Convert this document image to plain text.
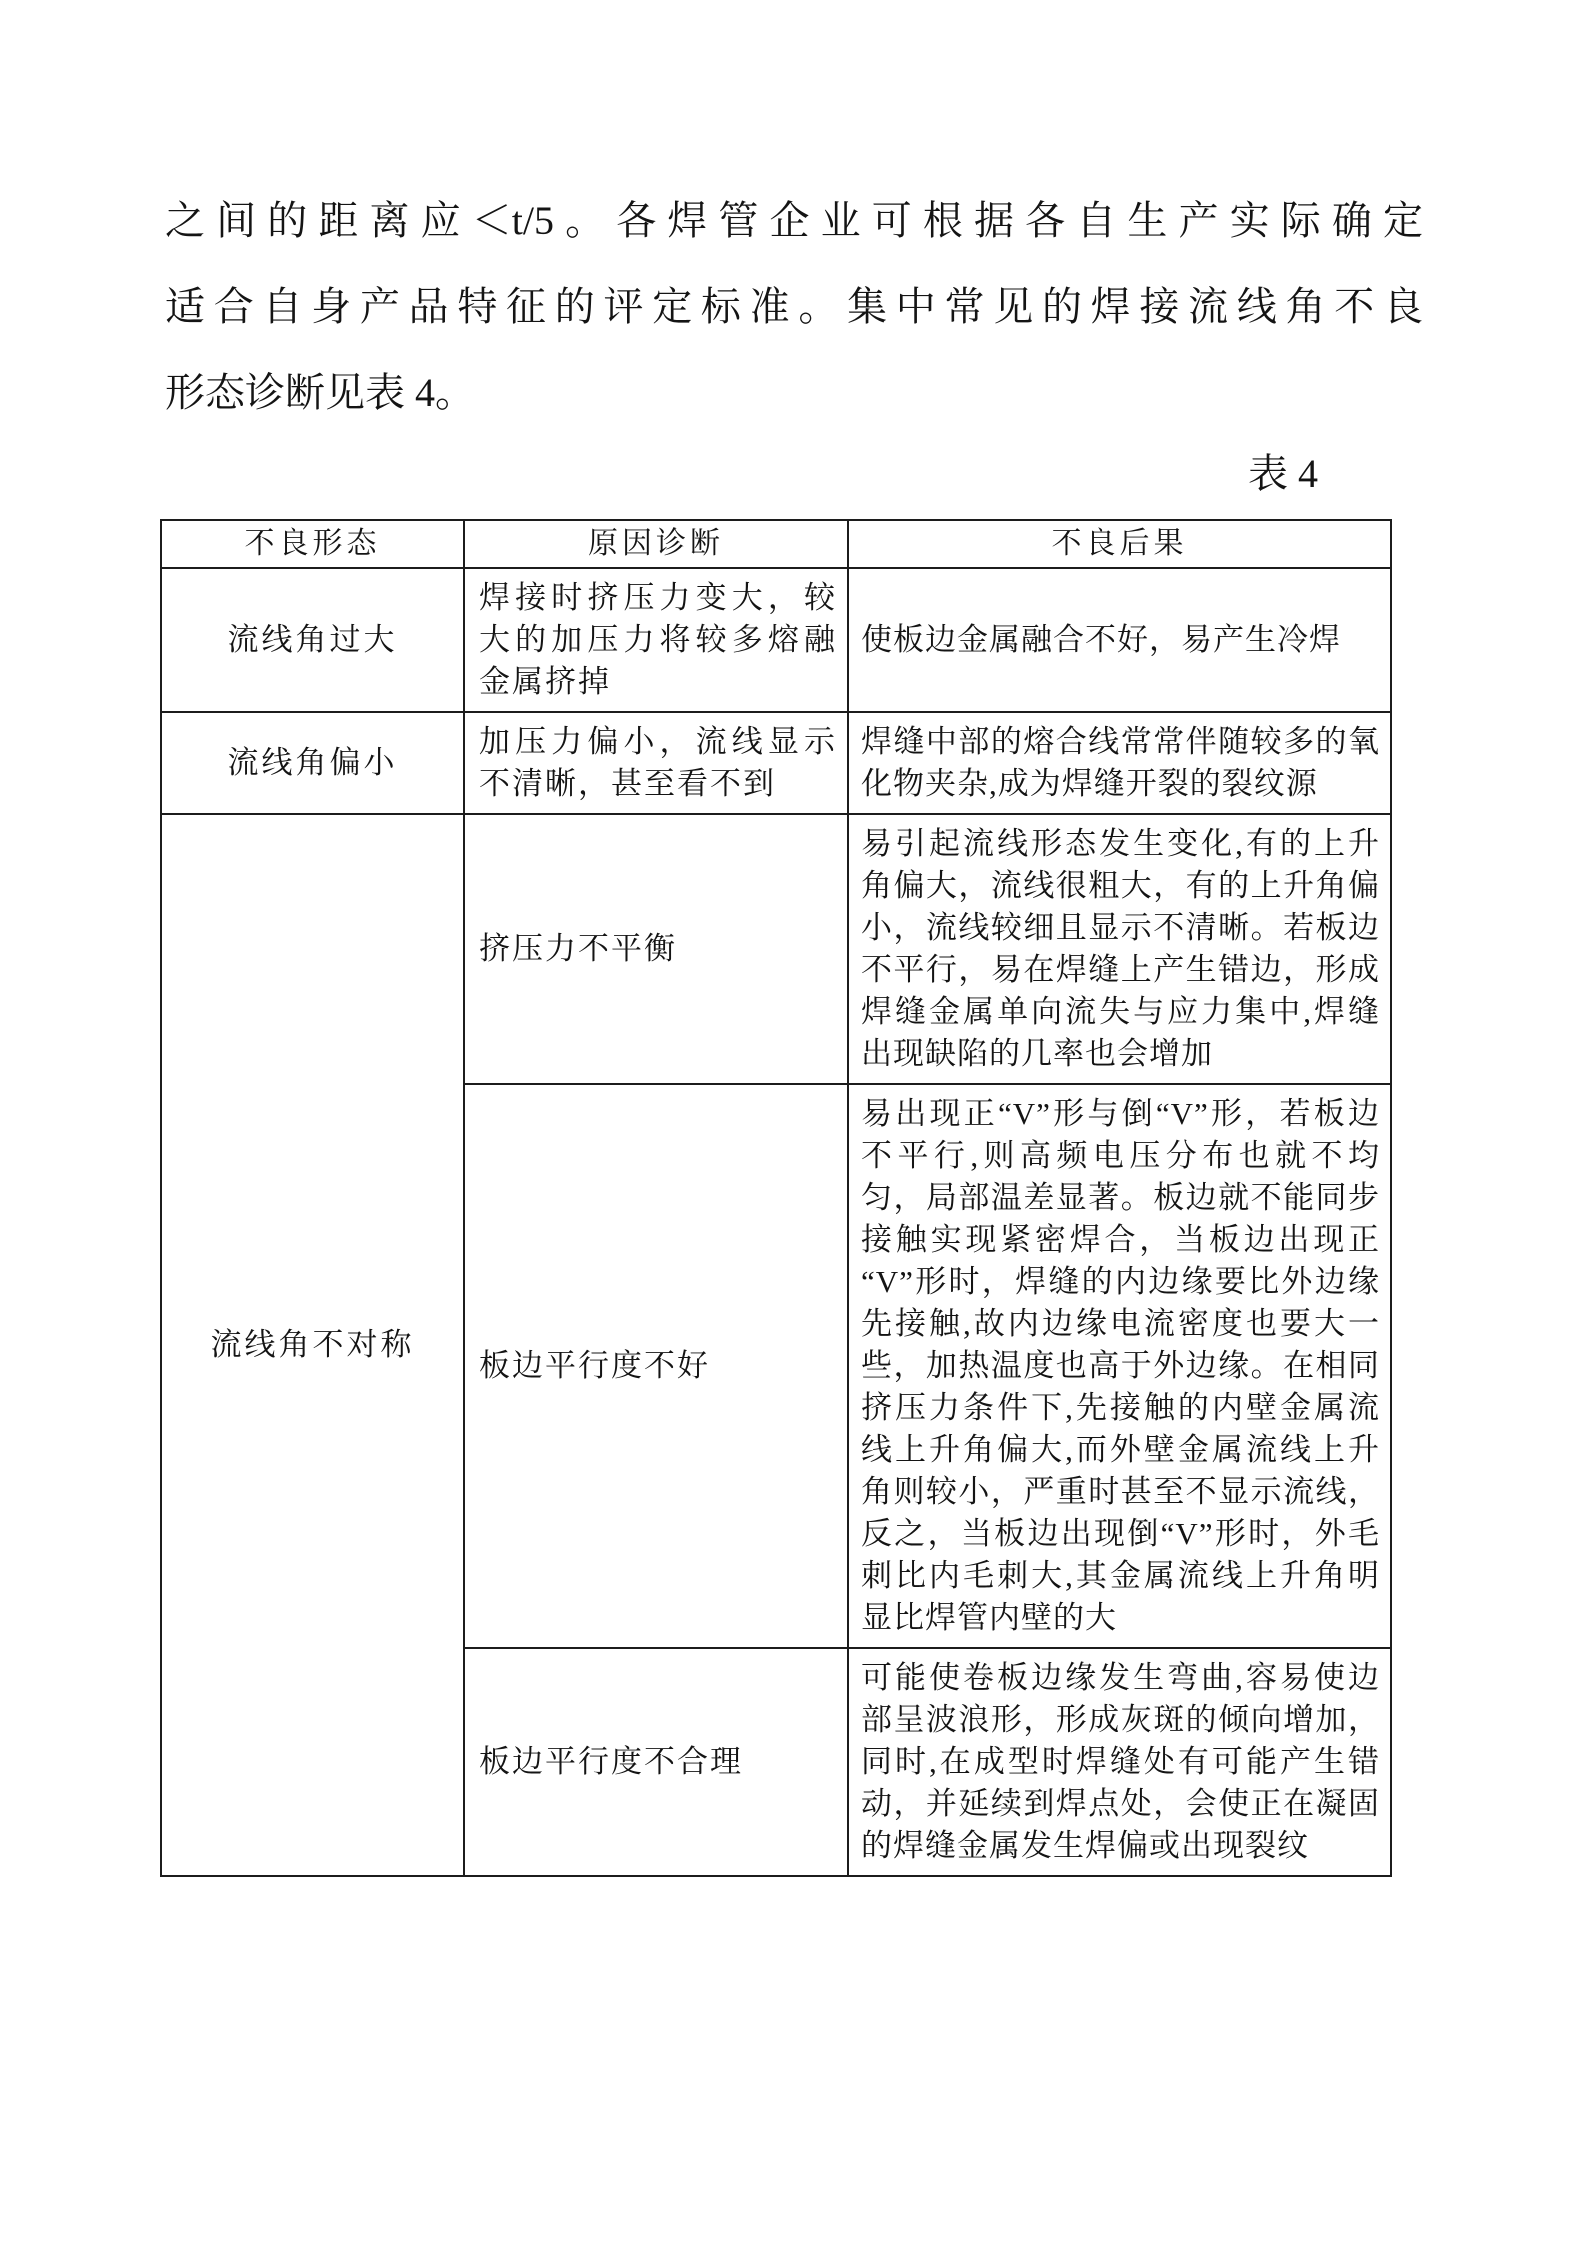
之间的距离应＜t/5。各焊管企业可根据各自生产实际确定
适合自身产品特征的评定标准。集中常见的焊接流线角不良
形态诊断见表 4。
表 4
不良形态	原因诊断	不良后果
流线角过大	焊接时挤压力变大，较大的加压力将较多熔融金属挤掉	使板边金属融合不好，易产生冷焊
流线角偏小	加压力偏小，流线显示不清晰，甚至看不到	焊缝中部的熔合线常常伴随较多的氧化物夹杂,成为焊缝开裂的裂纹源
流线角不对称	挤压力不平衡	易引起流线形态发生变化,有的上升角偏大，流线很粗大，有的上升角偏小，流线较细且显示不清晰。若板边不平行，易在焊缝上产生错边，形成焊缝金属单向流失与应力集中,焊缝出现缺陷的几率也会增加
	板边平行度不好	易出现正“V”形与倒“V”形，若板边不平行,则高频电压分布也就不均匀，局部温差显著。板边就不能同步接触实现紧密焊合，当板边出现正“V”形时，焊缝的内边缘要比外边缘先接触,故内边缘电流密度也要大一些，加热温度也高于外边缘。在相同挤压力条件下,先接触的内壁金属流线上升角偏大,而外壁金属流线上升角则较小，严重时甚至不显示流线，反之，当板边出现倒“V”形时，外毛刺比内毛刺大,其金属流线上升角明显比焊管内壁的大
	板边平行度不合理	可能使卷板边缘发生弯曲,容易使边部呈波浪形，形成灰斑的倾向增加，同时,在成型时焊缝处有可能产生错动，并延续到焊点处，会使正在凝固的焊缝金属发生焊偏或出现裂纹
